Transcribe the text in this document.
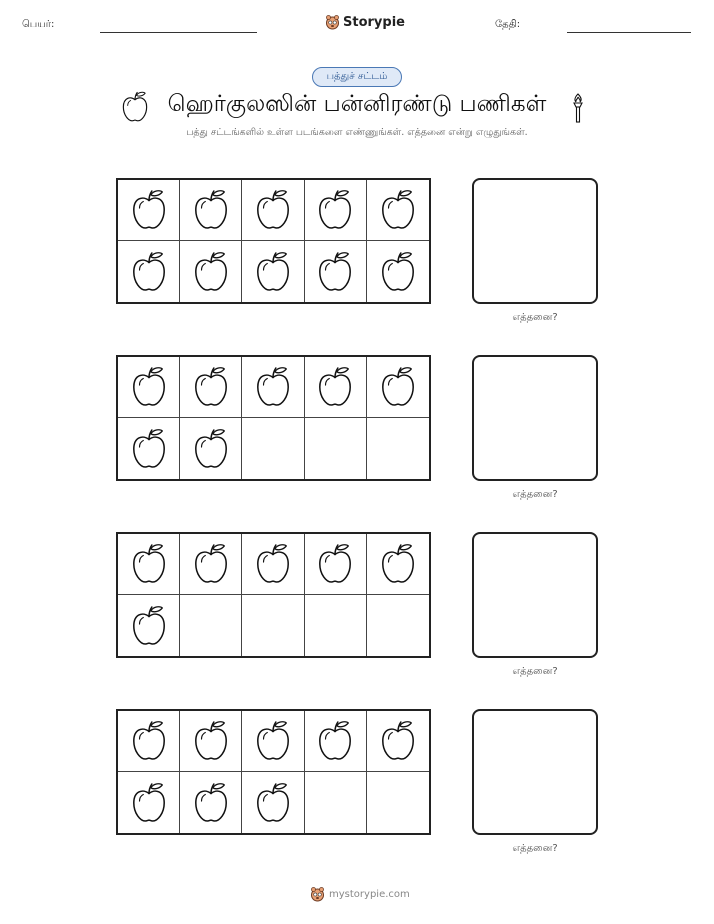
பெயர்:	Storypie	தேதி:
பத்துச் சட்டம்
ஹெர்குலஸின் பன்னிரண்டு பணிகள்
பத்து சட்டங்களில் உள்ள படங்களை எண்ணுங்கள். எத்தனை என்று எழுதுங்கள்.
எத்தனை?
எத்தனை?
எத்தனை?
எத்தனை?
mystorypie.com
